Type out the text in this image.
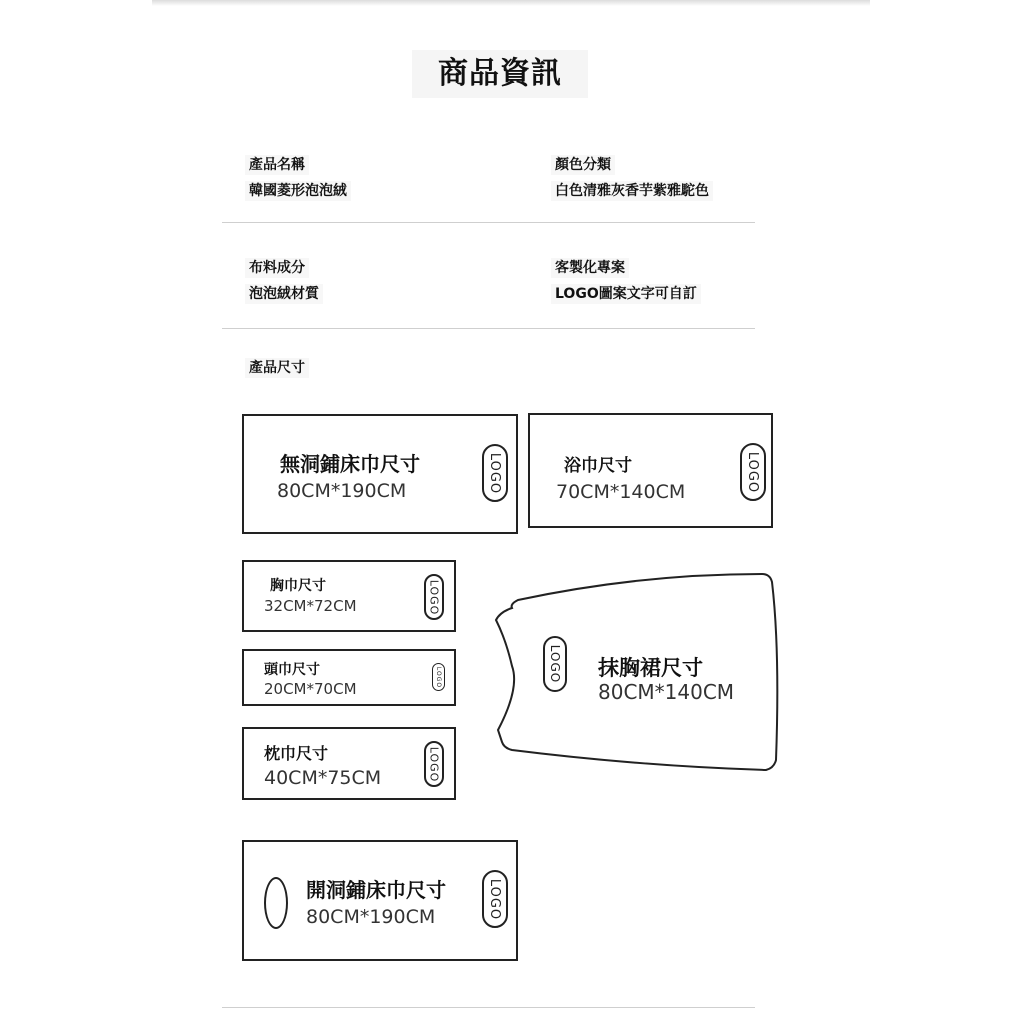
商品資訊
產品名稱
韓國菱形泡泡絨
顏色分類
白色清雅灰香芋紫雅駝色
布料成分
泡泡絨材質
客製化專案
LOGO圖案文字可自訂
產品尺寸
無洞鋪床巾尺寸
80CM*190CM	LOGO	浴巾尺寸
70CM*140CM	LOGO
胸巾尺寸
32CM*72CM	LOGO
頭巾尺寸
20CM*70CM
LOGO
枕巾尺寸
40CM*75CM	LOGO
LOGO 抹胸裙尺寸
80CM*140CM
開洞鋪床巾尺寸
80CM*190CM	LOGO
